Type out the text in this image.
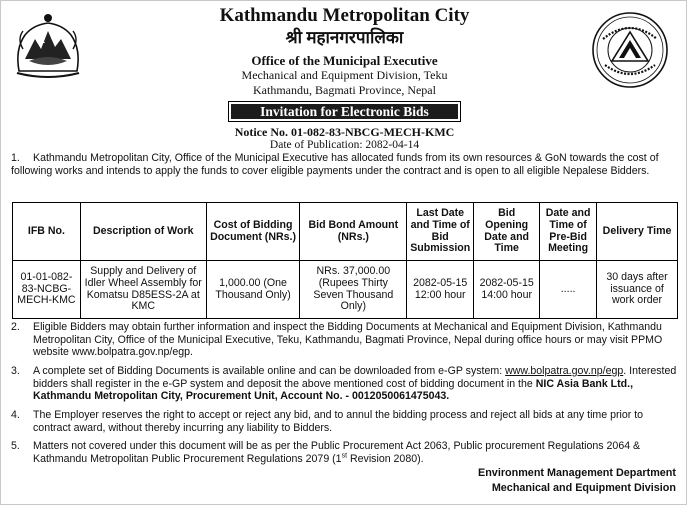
Kathmandu Metropolitan City
श्री महानगरपालिका
Office of the Municipal Executive
Mechanical and Equipment Division, Teku
Kathmandu, Bagmati Province, Nepal
Invitation for Electronic Bids
Notice No. 01-082-83-NBCG-MECH-KMC
Date of Publication: 2082-04-14
1.	Kathmandu Metropolitan City, Office of the Municipal Executive has allocated funds from its own resources & GoN towards the cost of following works and intends to apply the funds to cover eligible payments under the contract and is open to all eligible Nepalese Bidders.
IFB No.	Description of Work	Cost of Bidding Document (NRs.)	Bid Bond Amount (NRs.)	Last Date and Time of Bid Submission	Bid Opening Date and Time	Date and Time of Pre-Bid Meeting	Delivery Time
01-01-082-83-NCBG-MECH-KMC	Supply and Delivery of Idler Wheel Assembly for Komatsu D85ESS-2A at KMC	1,000.00 (One Thousand Only)	NRs. 37,000.00 (Rupees Thirty Seven Thousand Only)	2082-05-15 12:00 hour	2082-05-15 14:00 hour	.....	30 days after issuance of work order
2. Eligible Bidders may obtain further information and inspect the Bidding Documents at Mechanical and Equipment Division, Kathmandu Metropolitan City, Office of the Municipal Executive, Teku, Kathmandu, Bagmati Province, Nepal during office hours or may visit PPMO website www.bolpatra.gov.np/egp.
3. A complete set of Bidding Documents is available online and can be downloaded from e-GP system: www.bolpatra.gov.np/egp. Interested bidders shall register in the e-GP system and deposit the above mentioned cost of bidding document in the NIC Asia Bank Ltd., Kathmandu Metropolitan City, Procurement Unit, Account No. - 0012050061475043.
4. The Employer reserves the right to accept or reject any bid, and to annul the bidding process and reject all bids at any time prior to contract award, without thereby incurring any liability to Bidders.
5. Matters not covered under this document will be as per the Public Procurement Act 2063, Public procurement Regulations 2064 & Kathmandu Metropolitan Public Procurement Regulations 2079 (1st Revision 2080).
Environment Management Department
Mechanical and Equipment Division
